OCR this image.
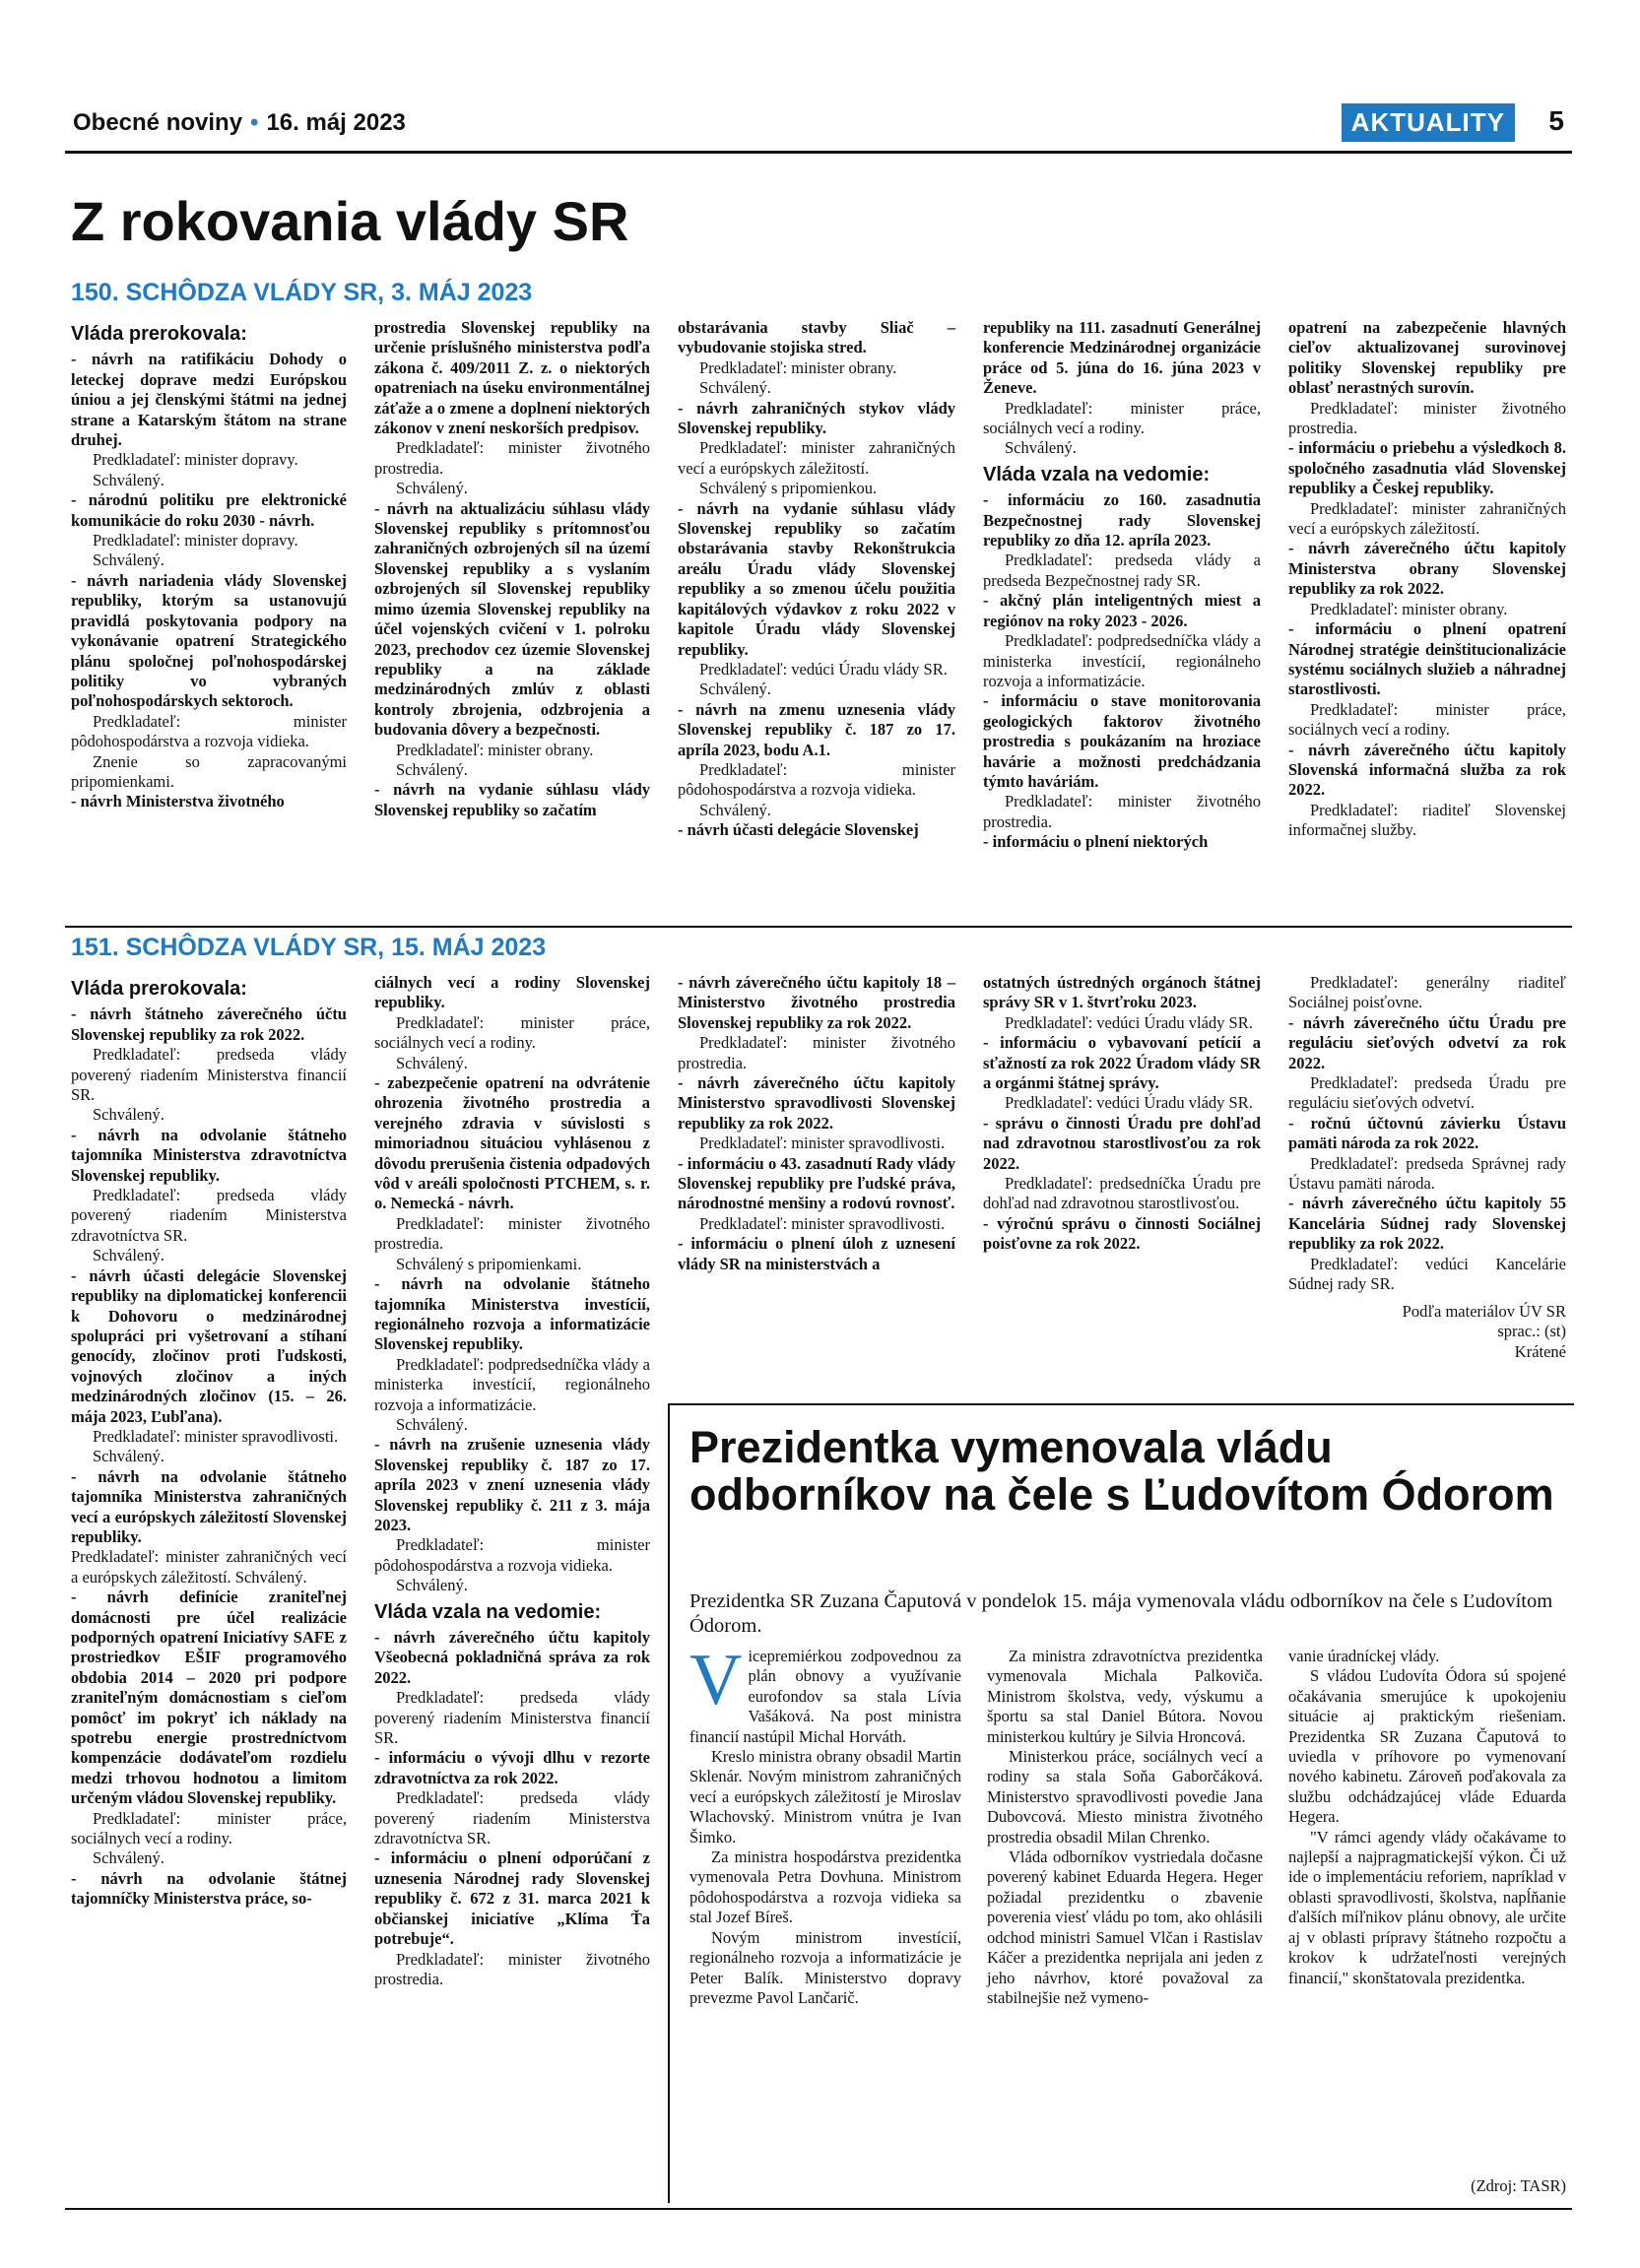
Obecné noviny • 16. máj 2023	AKTUALITY	5
Z rokovania vlády SR
150. SCHÔDZA VLÁDY SR, 3. MÁJ 2023
Vláda prerokovala:

- návrh na ratifikáciu Dohody o leteckej doprave medzi Európskou úniou a jej členskými štátmi na jednej strane a Katarským štátom na strane druhej.

Predkladateľ: minister dopravy.

Schválený.

- národnú politiku pre elektronické komunikácie do roku 2030 - návrh.

Predkladateľ: minister dopravy.

Schválený.

- návrh nariadenia vlády Slovenskej republiky, ktorým sa ustanovujú pravidlá poskytovania podpory na vykonávanie opatrení Strategického plánu spoločnej poľnohospodárskej politiky vo vybraných poľnohospodárskych sektoroch.

Predkladateľ: minister pôdohospodárstva a rozvoja vidieka.

Znenie so zapracovanými pripomienkami.

- návrh Ministerstva životného

prostredia Slovenskej republiky na určenie príslušného ministerstva podľa zákona č. 409/2011 Z. z. o niektorých opatreniach na úseku environmentálnej záťaže a o zmene a doplnení niektorých zákonov v znení neskorších predpisov.

Predkladateľ: minister životného prostredia.

Schválený.

- návrh na aktualizáciu súhlasu vlády Slovenskej republiky s prítomnosťou zahraničných ozbrojených síl na území Slovenskej republiky a s vyslaním ozbrojených síl Slovenskej republiky mimo územia Slovenskej republiky na účel vojenských cvičení v 1. polroku 2023, prechodov cez územie Slovenskej republiky a na základe medzinárodných zmlúv z oblasti kontroly zbrojenia, odzbrojenia a budovania dôvery a bezpečnosti.

Predkladateľ: minister obrany.

Schválený.

- návrh na vydanie súhlasu vlády Slovenskej republiky so začatím

obstarávania stavby Sliač – vybudovanie stojiska stred.

Predkladateľ: minister obrany.

Schválený.

- návrh zahraničných stykov vlády Slovenskej republiky.

Predkladateľ: minister zahraničných vecí a európskych záležitostí.

Schválený s pripomienkou.

- návrh na vydanie súhlasu vlády Slovenskej republiky so začatím obstarávania stavby Rekonštrukcia areálu Úradu vlády Slovenskej republiky a so zmenou účelu použitia kapitálových výdavkov z roku 2022 v kapitole Úradu vlády Slovenskej republiky.

Predkladateľ: vedúci Úradu vlády SR.

Schválený.

- návrh na zmenu uznesenia vlády Slovenskej republiky č. 187 zo 17. apríla 2023, bodu A.1.

Predkladateľ: minister pôdohospodárstva a rozvoja vidieka.

Schválený.

- návrh účasti delegácie Slovenskej

republiky na 111. zasadnutí Generálnej konferencie Medzinárodnej organizácie práce od 5. júna do 16. júna 2023 v Ženeve.

Predkladateľ: minister práce, sociálnych vecí a rodiny.

Schválený.

Vláda vzala na vedomie:

- informáciu zo 160. zasadnutia Bezpečnostnej rady Slovenskej republiky zo dňa 12. apríla 2023.

Predkladateľ: predseda vlády a predseda Bezpečnostnej rady SR.

- akčný plán inteligentných miest a regiónov na roky 2023 - 2026.

Predkladateľ: podpredsedníčka vlády a ministerka investícií, regionálneho rozvoja a informatizácie.

- informáciu o stave monitorovania geologických faktorov životného prostredia s poukázaním na hroziace havárie a možnosti predchádzania týmto haváriám.

Predkladateľ: minister životného prostredia.

- informáciu o plnení niektorých

opatrení na zabezpečenie hlavných cieľov aktualizovanej surovinovej politiky Slovenskej republiky pre oblasť nerastných surovín.

Predkladateľ: minister životného prostredia.

- informáciu o priebehu a výsledkoch 8. spoločného zasadnutia vlád Slovenskej republiky a Českej republiky.

Predkladateľ: minister zahraničných vecí a európskych záležitostí.

- návrh záverečného účtu kapitoly Ministerstva obrany Slovenskej republiky za rok 2022.

Predkladateľ: minister obrany.

- informáciu o plnení opatrení Národnej stratégie deinštitucionalizácie systému sociálnych služieb a náhradnej starostlivosti.

Predkladateľ: minister práce, sociálnych vecí a rodiny.

- návrh záverečného účtu kapitoly Slovenská informačná služba za rok 2022.

Predkladateľ: riaditeľ Slovenskej informačnej služby.

151. SCHÔDZA VLÁDY SR, 15. MÁJ 2023
Vláda prerokovala:

- návrh štátneho záverečného účtu Slovenskej republiky za rok 2022.

Predkladateľ: predseda vlády poverený riadením Ministerstva financií SR.

Schválený.

- návrh na odvolanie štátneho tajomníka Ministerstva zdravotníctva Slovenskej republiky.

Predkladateľ: predseda vlády poverený riadením Ministerstva zdravotníctva SR.

Schválený.

- návrh účasti delegácie Slovenskej republiky na diplomatickej konferencii k Dohovoru o medzinárodnej spolupráci pri vyšetrovaní a stíhaní genocídy, zločinov proti ľudskosti, vojnových zločinov a iných medzinárodných zločinov (15. – 26. mája 2023, Ľubľana).

Predkladateľ: minister spravodlivosti.

Schválený.

- návrh na odvolanie štátneho tajomníka Ministerstva zahraničných vecí a európskych záležitostí Slovenskej republiky.

Predkladateľ: minister zahraničných vecí a európskych záležitostí. Schválený.

- návrh definície zraniteľnej domácnosti pre účel realizácie podporných opatrení Iniciatívy SAFE z prostriedkov EŠIF programového obdobia 2014 – 2020 pri podpore zraniteľným domácnostiam s cieľom pomôcť im pokryť ich náklady na spotrebu energie prostredníctvom kompenzácie dodávateľom rozdielu medzi trhovou hodnotou a limitom určeným vládou Slovenskej republiky.

Predkladateľ: minister práce, sociálnych vecí a rodiny.

Schválený.

- návrh na odvolanie štátnej tajomníčky Ministerstva práce, so-

ciálnych vecí a rodiny Slovenskej republiky.

Predkladateľ: minister práce, sociálnych vecí a rodiny.

Schválený.

- zabezpečenie opatrení na odvrátenie ohrozenia životného prostredia a verejného zdravia v súvislosti s mimoriadnou situáciou vyhlásenou z dôvodu prerušenia čistenia odpadových vôd v areáli spoločnosti PTCHEM, s. r. o. Nemecká - návrh.

Predkladateľ: minister životného prostredia.

Schválený s pripomienkami.

- návrh na odvolanie štátneho tajomníka Ministerstva investícií, regionálneho rozvoja a informatizácie Slovenskej republiky.

Predkladateľ: podpredsedníčka vlády a ministerka investícií, regionálneho rozvoja a informatizácie.

Schválený.

- návrh na zrušenie uznesenia vlády Slovenskej republiky č. 187 zo 17. apríla 2023 v znení uznesenia vlády Slovenskej republiky č. 211 z 3. mája 2023.

Predkladateľ: minister pôdohospodárstva a rozvoja vidieka.

Schválený.

Vláda vzala na vedomie:

- návrh záverečného účtu kapitoly Všeobecná pokladničná správa za rok 2022.

Predkladateľ: predseda vlády poverený riadením Ministerstva financií SR.

- informáciu o vývoji dlhu v rezorte zdravotníctva za rok 2022.

Predkladateľ: predseda vlády poverený riadením Ministerstva zdravotníctva SR.

- informáciu o plnení odporúčaní z uznesenia Národnej rady Slovenskej republiky č. 672 z 31. marca 2021 k občianskej iniciatíve „Klíma Ťa potrebuje“.

Predkladateľ: minister životného prostredia.

- návrh záverečného účtu kapitoly 18 – Ministerstvo životného prostredia Slovenskej republiky za rok 2022.

Predkladateľ: minister životného prostredia.

- návrh záverečného účtu kapitoly Ministerstvo spravodlivosti Slovenskej republiky za rok 2022.

Predkladateľ: minister spravodlivosti.

- informáciu o 43. zasadnutí Rady vlády Slovenskej republiky pre ľudské práva, národnostné menšiny a rodovú rovnosť.

Predkladateľ: minister spravodlivosti.

- informáciu o plnení úloh z uznesení vlády SR na ministerstvách a

ostatných ústredných orgánoch štátnej správy SR v 1. štvrťroku 2023.

Predkladateľ: vedúci Úradu vlády SR.

- informáciu o vybavovaní petícií a sťažností za rok 2022 Úradom vlády SR a orgánmi štátnej správy.

Predkladateľ: vedúci Úradu vlády SR.

- správu o činnosti Úradu pre dohľad nad zdravotnou starostlivosťou za rok 2022.

Predkladateľ: predsedníčka Úradu pre dohľad nad zdravotnou starostlivosťou.

- výročnú správu o činnosti Sociálnej poisťovne za rok 2022.

Predkladateľ: generálny riaditeľ Sociálnej poisťovne.

- návrh záverečného účtu Úradu pre reguláciu sieťových odvetví za rok 2022.

Predkladateľ: predseda Úradu pre reguláciu sieťových odvetví.

- ročnú účtovnú závierku Ústavu pamäti národa za rok 2022.

Predkladateľ: predseda Správnej rady Ústavu pamäti národa.

- návrh záverečného účtu kapitoly 55 Kancelária Súdnej rady Slovenskej republiky za rok 2022.

Predkladateľ: vedúci Kancelárie Súdnej rady SR.

Podľa materiálov ÚV SR
sprac.: (st)
Krátené
Prezidentka vymenovala vládu odborníkov na čele s Ľudovítom Ódorom
Prezidentka SR Zuzana Čaputová v pondelok 15. mája vymenovala vládu odborníkov na čele s Ľudovítom Ódorom.
V icepremiérkou zodpovednou za plán obnovy a využívanie eurofondov sa stala Lívia Vašáková. Na post ministra financií nastúpil Michal Horváth.

Kreslo ministra obrany obsadil Martin Sklenár. Novým ministrom zahraničných vecí a európskych záležitostí je Miroslav Wlachovský. Ministrom vnútra je Ivan Šimko.

Za ministra hospodárstva prezidentka vymenovala Petra Dovhuna. Ministrom pôdohospodárstva a rozvoja vidieka sa stal Jozef Bíreš.

Novým ministrom investícií, regionálneho rozvoja a informatizácie je Peter Balík. Ministerstvo dopravy prevezme Pavol Lančarič.

Za ministra zdravotníctva prezidentka vymenovala Michala Palkoviča. Ministrom školstva, vedy, výskumu a športu sa stal Daniel Bútora. Novou ministerkou kultúry je Silvia Hroncová.

Ministerkou práce, sociálnych vecí a rodiny sa stala Soňa Gaborčáková. Ministerstvo spravodlivosti povedie Jana Dubovcová. Miesto ministra životného prostredia obsadil Milan Chrenko.

Vláda odborníkov vystriedala dočasne poverený kabinet Eduarda Hegera. Heger požiadal prezidentku o zbavenie poverenia viesť vládu po tom, ako ohlásili odchod ministri Samuel Vlčan i Rastislav Káčer a prezidentka neprijala ani jeden z jeho návrhov, ktoré považoval za stabilnejšie než vymeno-

vanie úradníckej vlády.

S vládou Ľudovíta Ódora sú spojené očakávania smerujúce k upokojeniu situácie aj praktickým riešeniam. Prezidentka SR Zuzana Čaputová to uviedla v príhovore po vymenovaní nového kabinetu. Zároveň poďakovala za službu odchádzajúcej vláde Eduarda Hegera.

"V rámci agendy vlády očakávame to najlepší a najpragmatickejší výkon. Či už ide o implementáciu reforiem, napríklad v oblasti spravodlivosti, školstva, napĺňanie ďalších míľnikov plánu obnovy, ale určite aj v oblasti prípravy štátneho rozpočtu a krokov k udržateľnosti verejných financií," skonštatovala prezidentka.

(Zdroj: TASR)
